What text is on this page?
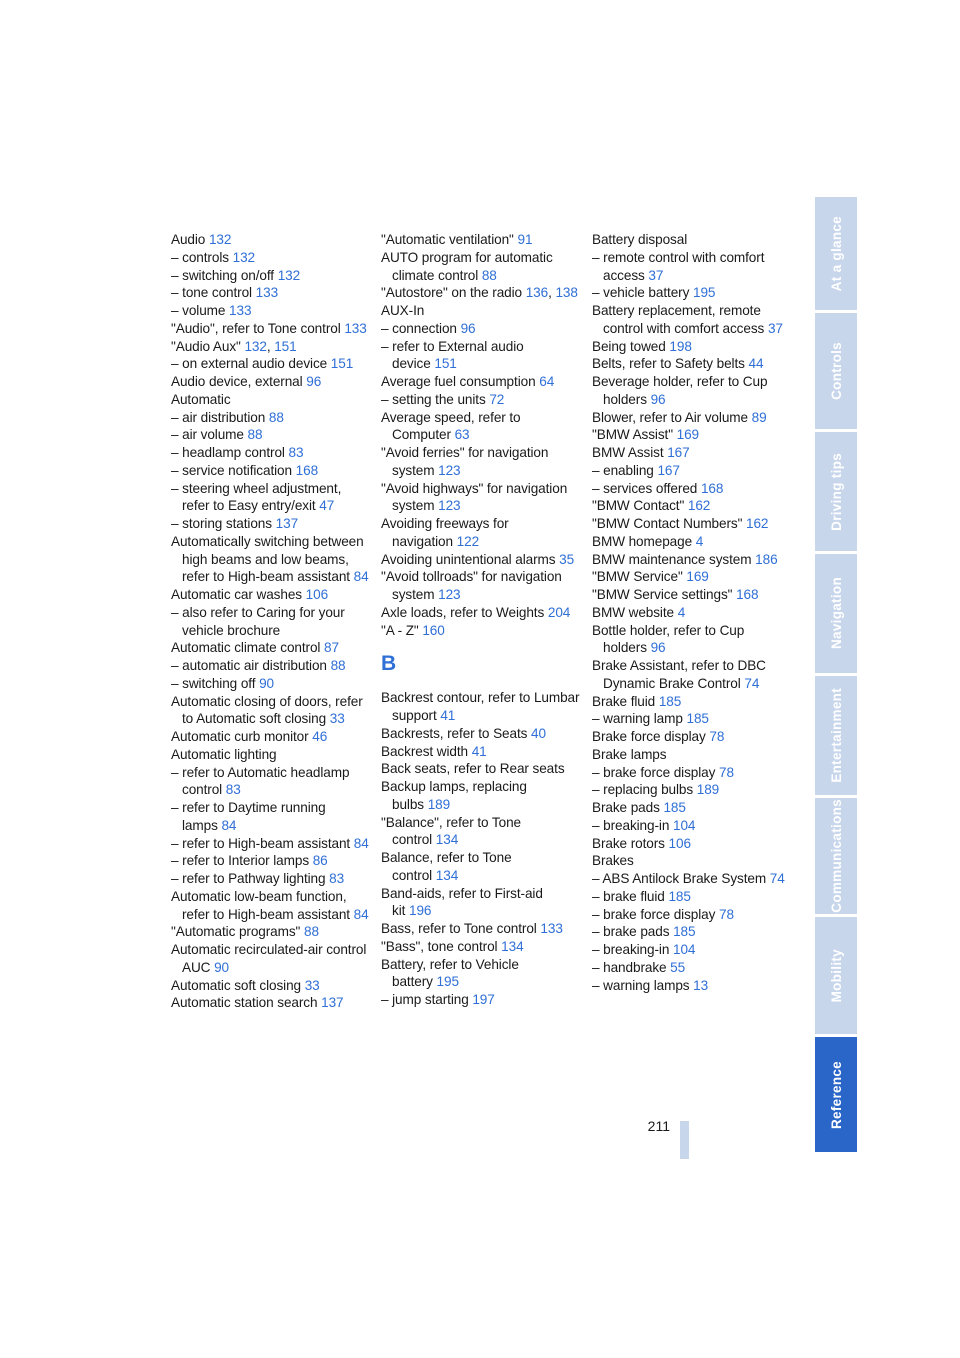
Audio 132

– controls 132

– switching on/off 132

– tone control 133

– volume 133

"Audio", refer to Tone control 133

"Audio Aux" 132 , 151

– on external audio device 151

Audio device, external 96

Automatic

– air distribution 88

– air volume 88

– headlamp control 83

– service notification 168

– steering wheel adjustment, refer to Easy entry/exit 47

– storing stations 137

Automatically switching between high beams and low beams, refer to High-beam assistant 84

Automatic car washes 106

– also refer to Caring for your vehicle brochure

Automatic climate control 87

– automatic air distribution 88

– switching off 90

Automatic closing of doors, refer to Automatic soft closing 33

Automatic curb monitor 46

Automatic lighting

– refer to Automatic headlamp control 83

– refer to Daytime running lamps 84

– refer to High-beam assistant 84

– refer to Interior lamps 86

– refer to Pathway lighting 83

Automatic low-beam function, refer to High-beam assistant 84

"Automatic programs" 88

Automatic recirculated-air control AUC 90

Automatic soft closing 33

Automatic station search 137

"Automatic ventilation" 91

AUTO program for automatic climate control 88

"Autostore" on the radio 136 , 138

AUX-In

– connection 96

– refer to External audio device 151

Average fuel consumption 64

– setting the units 72

Average speed, refer to Computer 63

"Avoid ferries" for navigation system 123

"Avoid highways" for navigation system 123

Avoiding freeways for navigation 122

Avoiding unintentional alarms 35

"Avoid tollroads" for navigation system 123

Axle loads, refer to Weights 204

"A - Z" 160

B

Backrest contour, refer to Lumbar support 41

Backrests, refer to Seats 40

Backrest width 41

Back seats, refer to Rear seats

Backup lamps, replacing bulbs 189

"Balance", refer to Tone control 134

Balance, refer to Tone control 134

Band-aids, refer to First-aid kit 196

Bass, refer to Tone control 133

"Bass", tone control 134

Battery, refer to Vehicle battery 195

– jump starting 197

Battery disposal

– remote control with comfort access 37

– vehicle battery 195

Battery replacement, remote control with comfort access 37

Being towed 198

Belts, refer to Safety belts 44

Beverage holder, refer to Cup holders 96

Blower, refer to Air volume 89

"BMW Assist" 169

BMW Assist 167

– enabling 167

– services offered 168

"BMW Contact" 162

"BMW Contact Numbers" 162

BMW homepage 4

BMW maintenance system 186

"BMW Service" 169

"BMW Service settings" 168

BMW website 4

Bottle holder, refer to Cup holders 96

Brake Assistant, refer to DBC Dynamic Brake Control 74

Brake fluid 185

– warning lamp 185

Brake force display 78

Brake lamps

– brake force display 78

– replacing bulbs 189

Brake pads 185

– breaking-in 104

Brake rotors 106

Brakes

– ABS Antilock Brake System 74

– brake fluid 185

– brake force display 78

– brake pads 185

– breaking-in 104

– handbrake 55

– warning lamps 13

211
At a glance
Controls
Driving tips
Navigation
Entertainment
Communications
Mobility
Reference
